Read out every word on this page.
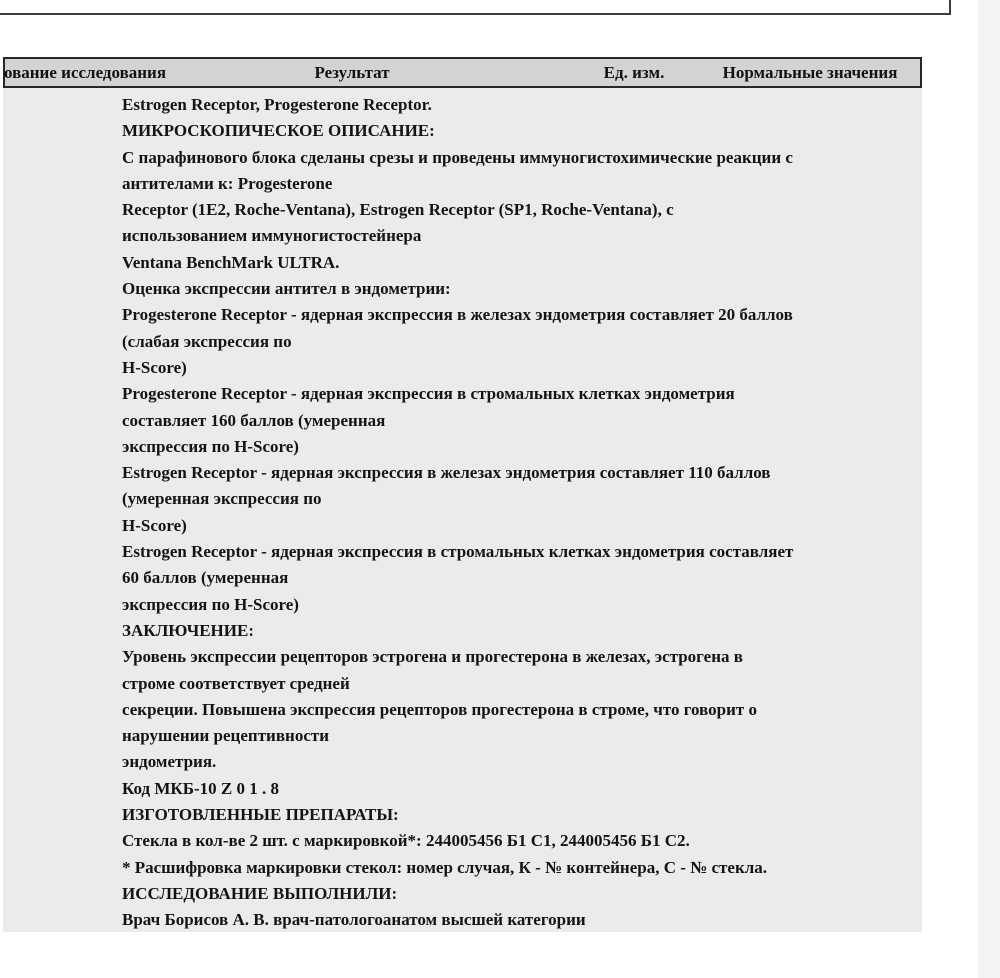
ование исследования	Результат	Ед. изм.	Нормальные значения
Estrogen Receptor, Progesterone Receptor.
МИКРОСКОПИЧЕСКОЕ ОПИСАНИЕ:
С парафинового блока сделаны срезы и проведены иммуногистохимические реакции с
антителами к: Progesterone
Receptor (1E2, Roche-Ventana), Estrogen Receptor (SP1, Roche-Ventana), с
использованием иммуногистостейнера
Ventana BenchMark ULTRA.
Оценка экспрессии антител в эндометрии:
Progesterone Receptor - ядерная экспрессия в железах эндометрия составляет 20 баллов
(слабая экспрессия по
H-Score)
Progesterone Receptor - ядерная экспрессия в стромальных клетках эндометрия
составляет 160 баллов (умеренная
экспрессия по H-Score)
Estrogen Receptor - ядерная экспрессия в железах эндометрия составляет 110 баллов
(умеренная экспрессия по
H-Score)
Estrogen Receptor - ядерная экспрессия в стромальных клетках эндометрия составляет
60 баллов (умеренная
экспрессия по H-Score)
ЗАКЛЮЧЕНИЕ:
Уровень экспрессии рецепторов эстрогена и прогестерона в железах, эстрогена в
строме соответствует средней
секреции. Повышена экспрессия рецепторов прогестерона в строме, что говорит о
нарушении рецептивности
эндометрия.
Код МКБ-10 Z 0 1 . 8
ИЗГОТОВЛЕННЫЕ ПРЕПАРАТЫ:
Стекла в кол-ве 2 шт. с маркировкой*: 244005456 Б1 С1, 244005456 Б1 С2.
* Расшифровка маркировки стекол: номер случая, К - № контейнера, С - № стекла.
ИССЛЕДОВАНИЕ ВЫПОЛНИЛИ:
Врач Борисов А. В. врач-патологоанатом высшей категории
